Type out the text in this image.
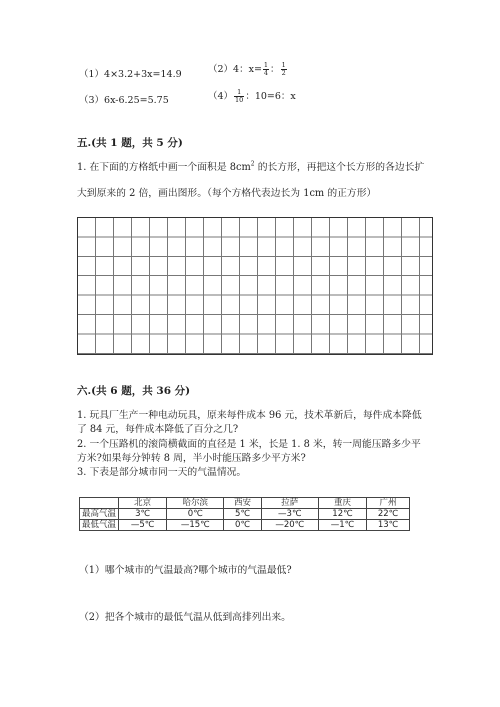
（1）4×3.2+3x=14.9	（2）4：$x= \frac{1}{4}$ ： $\frac{1}{2}$
（3）6x-6.25=5.75	$(4) \frac{1}{10}$ ：10=6：x
五.(共 1 题，共 5 分)
1. 在下面的方格纸中画一个面积是 $8cm^2$ 的长方形，再把这个长方形的各边长扩
大到原来的 2 倍，画出图形。（每个方格代表边长为 1cm 的正方形）
六.(共 6 题，共 36 分)
1. 玩具厂生产一种电动玩具，原来每件成本 96 元，技术革新后，每件成本降低
了 84 元，每件成本降低了百分之几?
2. 一个压路机的滚筒横截面的直径是 1 米，长是 1. 8 米，转一周能压路多少平
方米?如果每分钟转 8 周，半小时能压路多少平方米?
3. 下表是部分城市同一天的气温情况。
	北京	哈尔滨	西安	拉萨	重庆	广州
最高气温	3℃	0℃	5℃	—3℃	12℃	22℃
最低气温	—5℃	—15℃	0℃	—20℃	—1℃	13℃
（1）哪个城市的气温最高?哪个城市的气温最低?
（2）把各个城市的最低气温从低到高排列出来。
